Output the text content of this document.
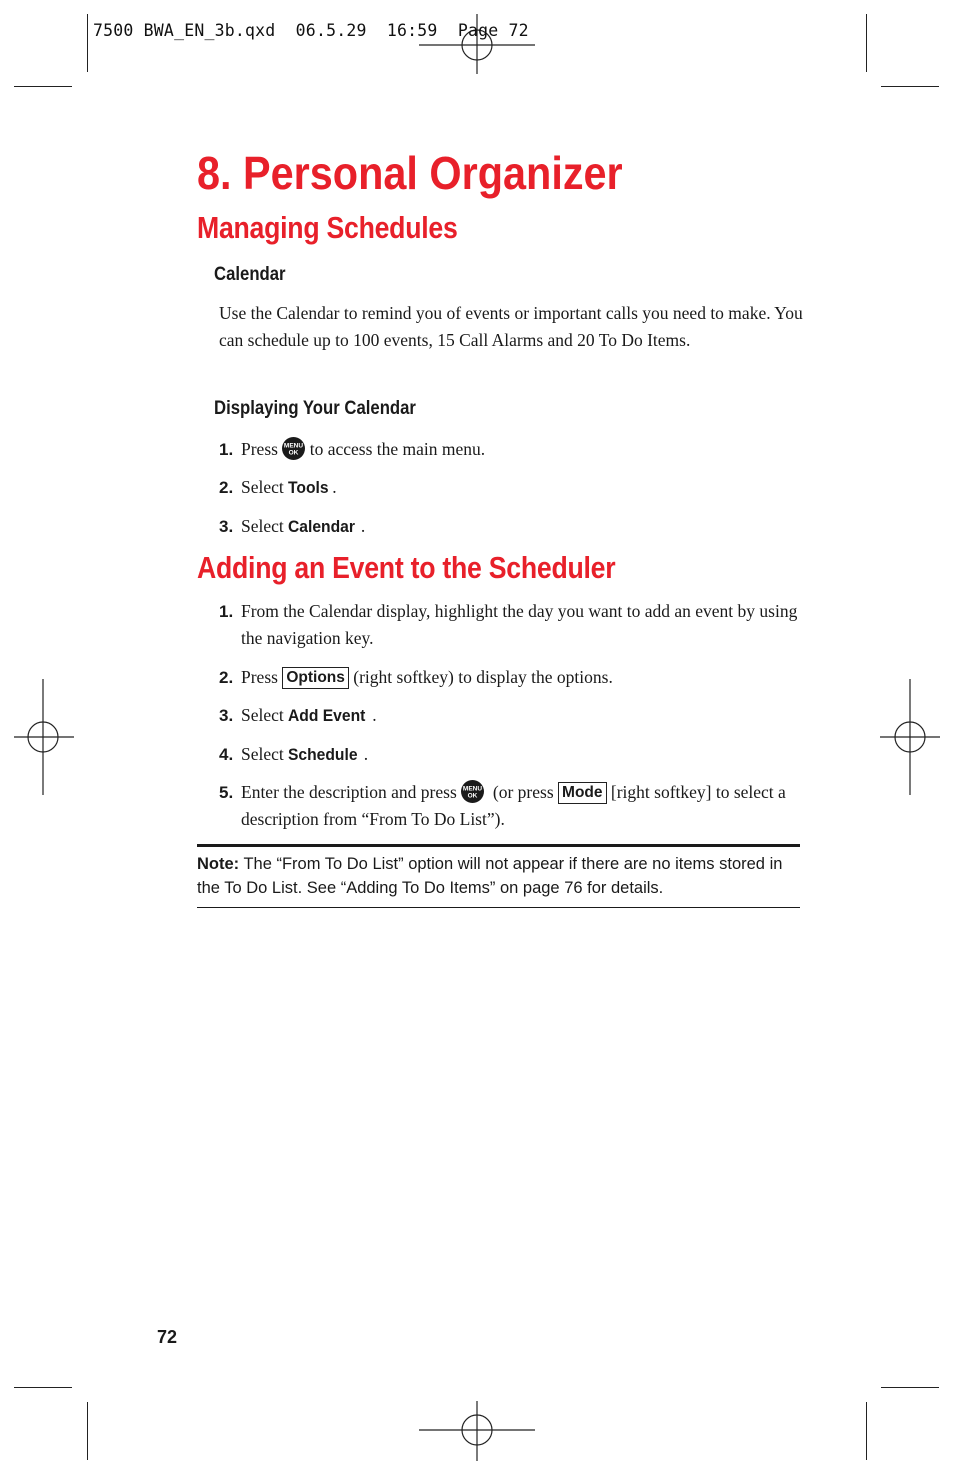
7500 BWA_EN_3b.qxd  06.5.29  16:59  Page 72
8. Personal Organizer
Managing Schedules
Calendar
Use the Calendar to remind you of events or important calls you need to make. You can schedule up to 100 events, 15 Call Alarms and 20 To Do Items.
Displaying Your Calendar
1. Press MENU
OK to access the main menu.
2. Select Tools .
3. Select Calendar .
Adding an Event to the Scheduler
1. From the Calendar display, highlight the day you want to add an event by using the navigation key.
2. Press Options (right softkey) to display the options.
3. Select Add Event .
4. Select Schedule .
5. Enter the description and press MENU
OK (or press Mode [right softkey] to select a description from “From To Do List”).
Note: The “From To Do List” option will not appear if there are no items stored in the To Do List. See “Adding To Do Items” on page 76 for details.
72
